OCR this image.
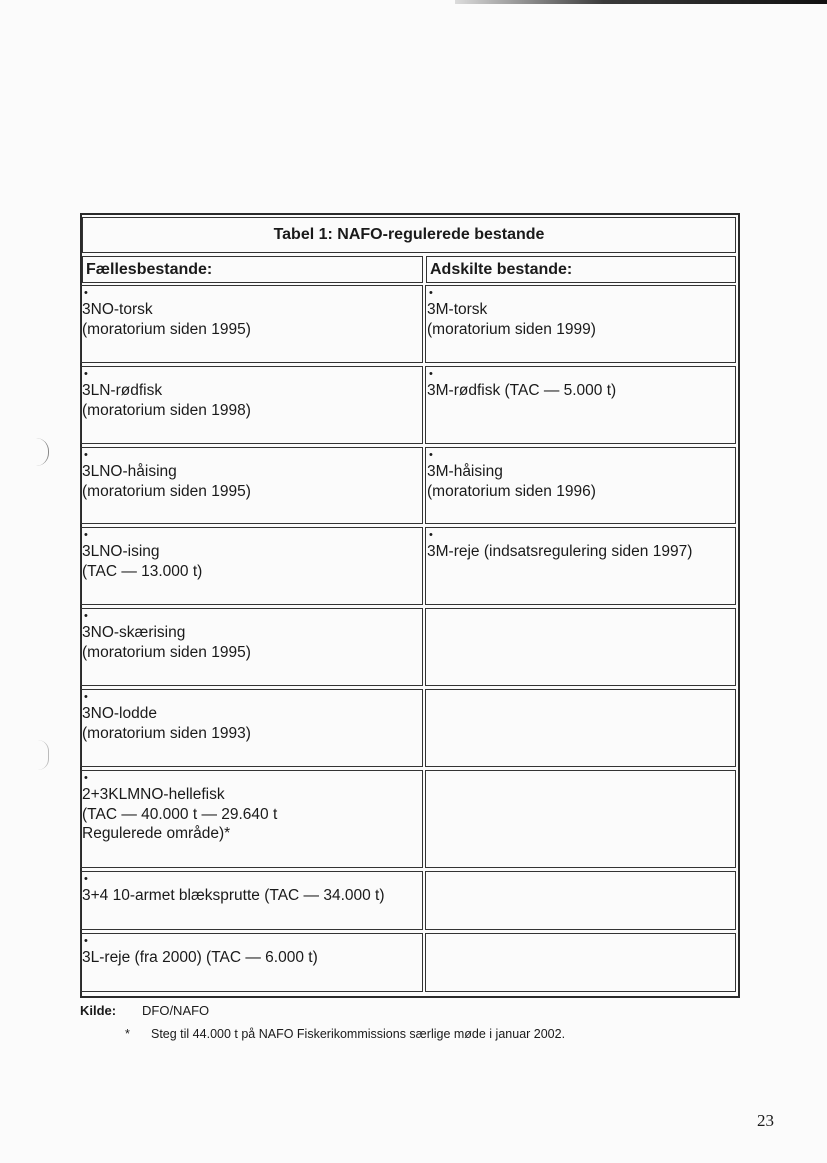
Tabel 1: NAFO-regulerede bestande
Fællesbestande:	Adskilte bestande:
•
3NO-torsk
(moratorium siden 1995)
•
3M-torsk
(moratorium siden 1999)
•
3LN-rødfisk
(moratorium siden 1998)
•
3M-rødfisk (TAC — 5.000 t)
•
3LNO-håising
(moratorium siden 1995)
•
3M-håising
(moratorium siden 1996)
•
3LNO-ising
(TAC — 13.000 t)
•
3M-reje (indsatsregulering siden 1997)
•
3NO-skærising
(moratorium siden 1995)
•
3NO-lodde
(moratorium siden 1993)
•
2+3KLMNO-hellefisk
(TAC — 40.000 t — 29.640 t
Regulerede område)*
•
3+4 10-armet blæksprutte (TAC — 34.000 t)
•
3L-reje (fra 2000) (TAC — 6.000 t)
Kilde: DFO/NAFO
* Steg til 44.000 t på NAFO Fiskerikommissions særlige møde i januar 2002.
23
